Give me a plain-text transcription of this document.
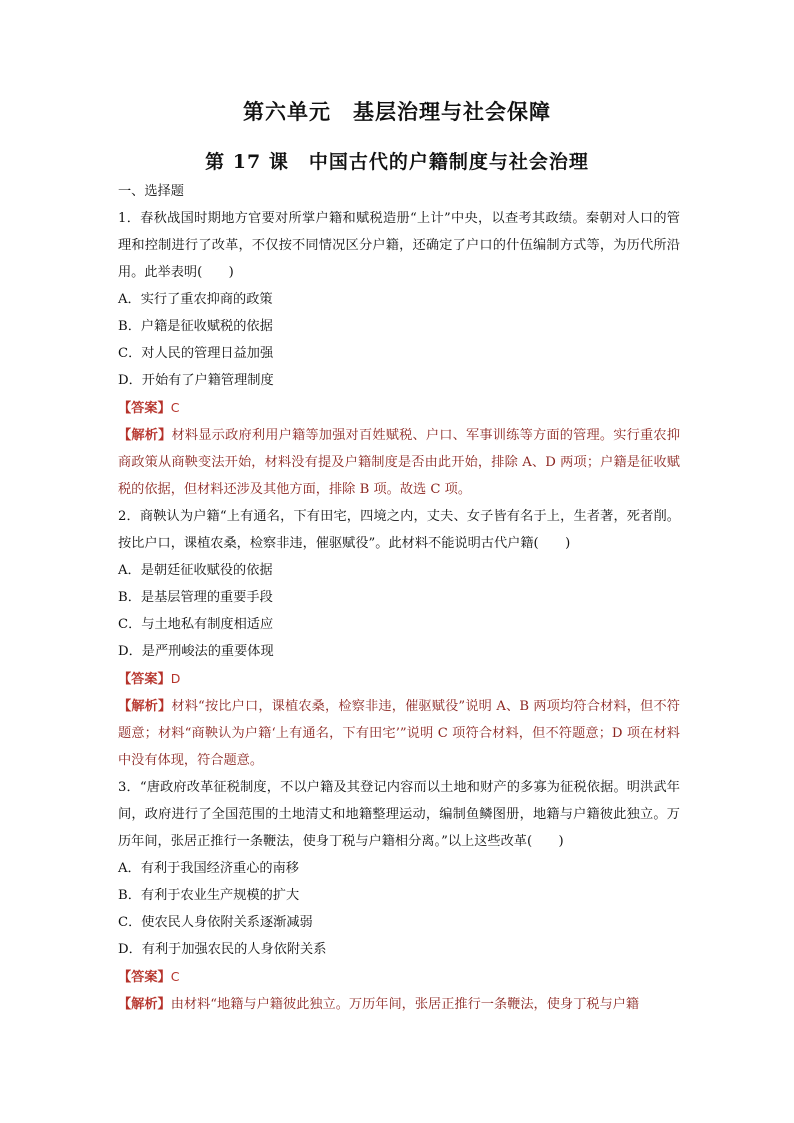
第六单元　基层治理与社会保障
第 17 课　中国古代的户籍制度与社会治理

一、选择题

1．春秋战国时期地方官要对所掌户籍和赋税造册“上计”中央，以查考其政绩。秦朝对人口的管理和控制进行了改革，不仅按不同情况区分户籍，还确定了户口的什伍编制方式等，为历代所沿用。此举表明(　　)

A．实行了重农抑商的政策

B．户籍是征收赋税的依据

C．对人民的管理日益加强

D．开始有了户籍管理制度

【答案】C

【解析】材料显示政府利用户籍等加强对百姓赋税、户口、军事训练等方面的管理。实行重农抑商政策从商鞅变法开始，材料没有提及户籍制度是否由此开始，排除 A、D 两项；户籍是征收赋税的依据，但材料还涉及其他方面，排除 B 项。故选 C 项。

2．商鞅认为户籍“上有通名，下有田宅，四境之内，丈夫、女子皆有名于上，生者著，死者削。按比户口，课植农桑，检察非违，催驱赋役”。此材料不能说明古代户籍(　　)

A．是朝廷征收赋役的依据

B．是基层管理的重要手段

C．与土地私有制度相适应

D．是严刑峻法的重要体现

【答案】D

【解析】材料“按比户口，课植农桑，检察非违，催驱赋役”说明 A、B 两项均符合材料，但不符题意；材料“商鞅认为户籍‘上有通名，下有田宅’”说明 C 项符合材料，但不符题意；D 项在材料中没有体现，符合题意。

3．“唐政府改革征税制度，不以户籍及其登记内容而以土地和财产的多寡为征税依据。明洪武年间，政府进行了全国范围的土地清丈和地籍整理运动，编制鱼鳞图册，地籍与户籍彼此独立。万历年间，张居正推行一条鞭法，使身丁税与户籍相分离。”以上这些改革(　　)

A．有利于我国经济重心的南移

B．有利于农业生产规模的扩大

C．使农民人身依附关系逐渐减弱

D．有利于加强农民的人身依附关系

【答案】C

【解析】由材料“地籍与户籍彼此独立。万历年间，张居正推行一条鞭法，使身丁税与户籍
